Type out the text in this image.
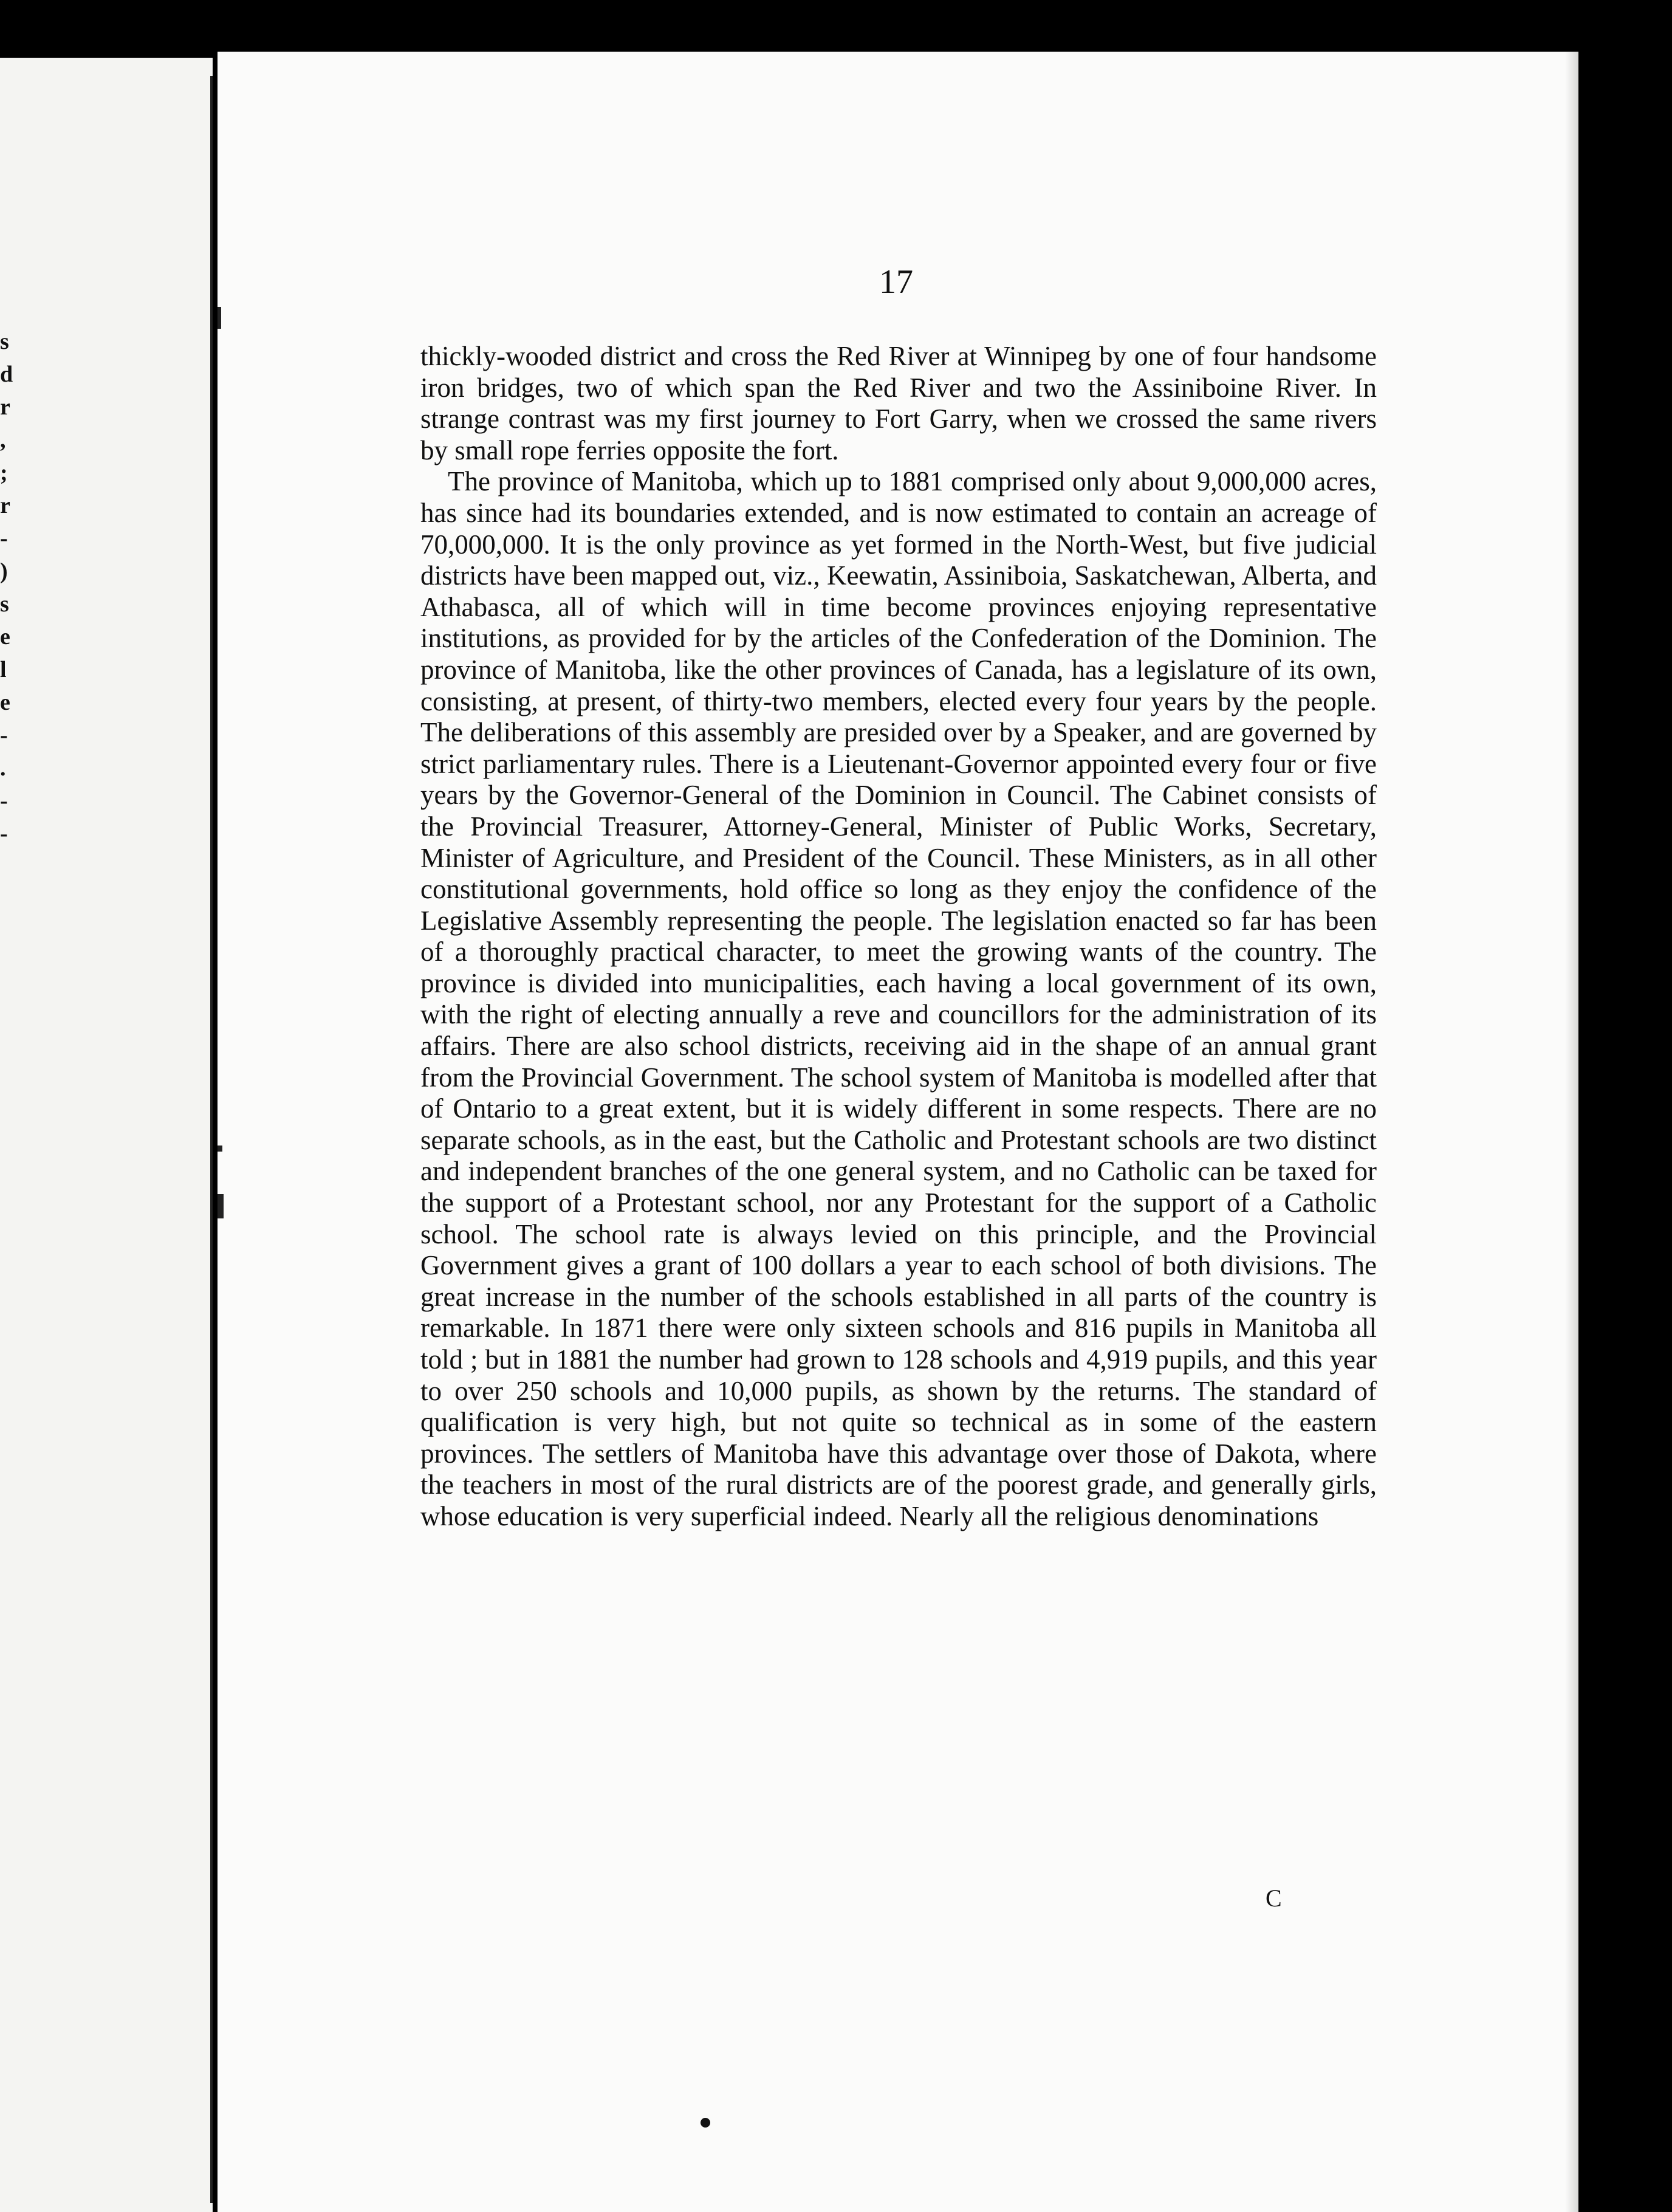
s
d
r
,
;
r
-
)
s
e
l
e
-
.
-
-
17

thickly-wooded district and cross the Red River at Winnipeg by one of four handsome iron bridges, two of which span the Red River and two the Assiniboine River. In strange contrast was my first journey to Fort Garry, when we crossed the same rivers by small rope ferries opposite the fort.

The province of Manitoba, which up to 1881 comprised only about 9,000,000 acres, has since had its boundaries extended, and is now estimated to contain an acreage of 70,000,000. It is the only province as yet formed in the North-West, but five judicial districts have been mapped out, viz., Keewatin, Assiniboia, Saskatchewan, Alberta, and Athabasca, all of which will in time become provinces enjoying representative institutions, as provided for by the articles of the Confederation of the Dominion. The province of Manitoba, like the other provinces of Canada, has a legislature of its own, consisting, at present, of thirty-two members, elected every four years by the people. The deliberations of this assembly are presided over by a Speaker, and are governed by strict parliamentary rules. There is a Lieutenant-Governor appointed every four or five years by the Governor-General of the Dominion in Council. The Cabinet consists of the Provincial Treasurer, Attorney-General, Minister of Public Works, Secretary, Minister of Agriculture, and President of the Council. These Ministers, as in all other constitutional governments, hold office so long as they enjoy the confidence of the Legislative Assembly representing the people. The legislation enacted so far has been of a thoroughly practical character, to meet the growing wants of the country. The province is divided into municipalities, each having a local government of its own, with the right of electing annually a reve and councillors for the administration of its affairs. There are also school districts, receiving aid in the shape of an annual grant from the Provincial Government. The school system of Manitoba is modelled after that of Ontario to a great extent, but it is widely different in some respects. There are no separate schools, as in the east, but the Catholic and Protestant schools are two distinct and independent branches of the one general system, and no Catholic can be taxed for the support of a Protestant school, nor any Protestant for the support of a Catholic school. The school rate is always levied on this principle, and the Provincial Government gives a grant of 100 dollars a year to each school of both divisions. The great increase in the number of the schools established in all parts of the country is remarkable. In 1871 there were only sixteen schools and 816 pupils in Manitoba all told ; but in 1881 the number had grown to 128 schools and 4,919 pupils, and this year to over 250 schools and 10,000 pupils, as shown by the returns. The standard of qualification is very high, but not quite so technical as in some of the eastern provinces. The settlers of Manitoba have this advantage over those of Dakota, where the teachers in most of the rural districts are of the poorest grade, and generally girls, whose education is very superficial indeed. Nearly all the religious denominations

C
